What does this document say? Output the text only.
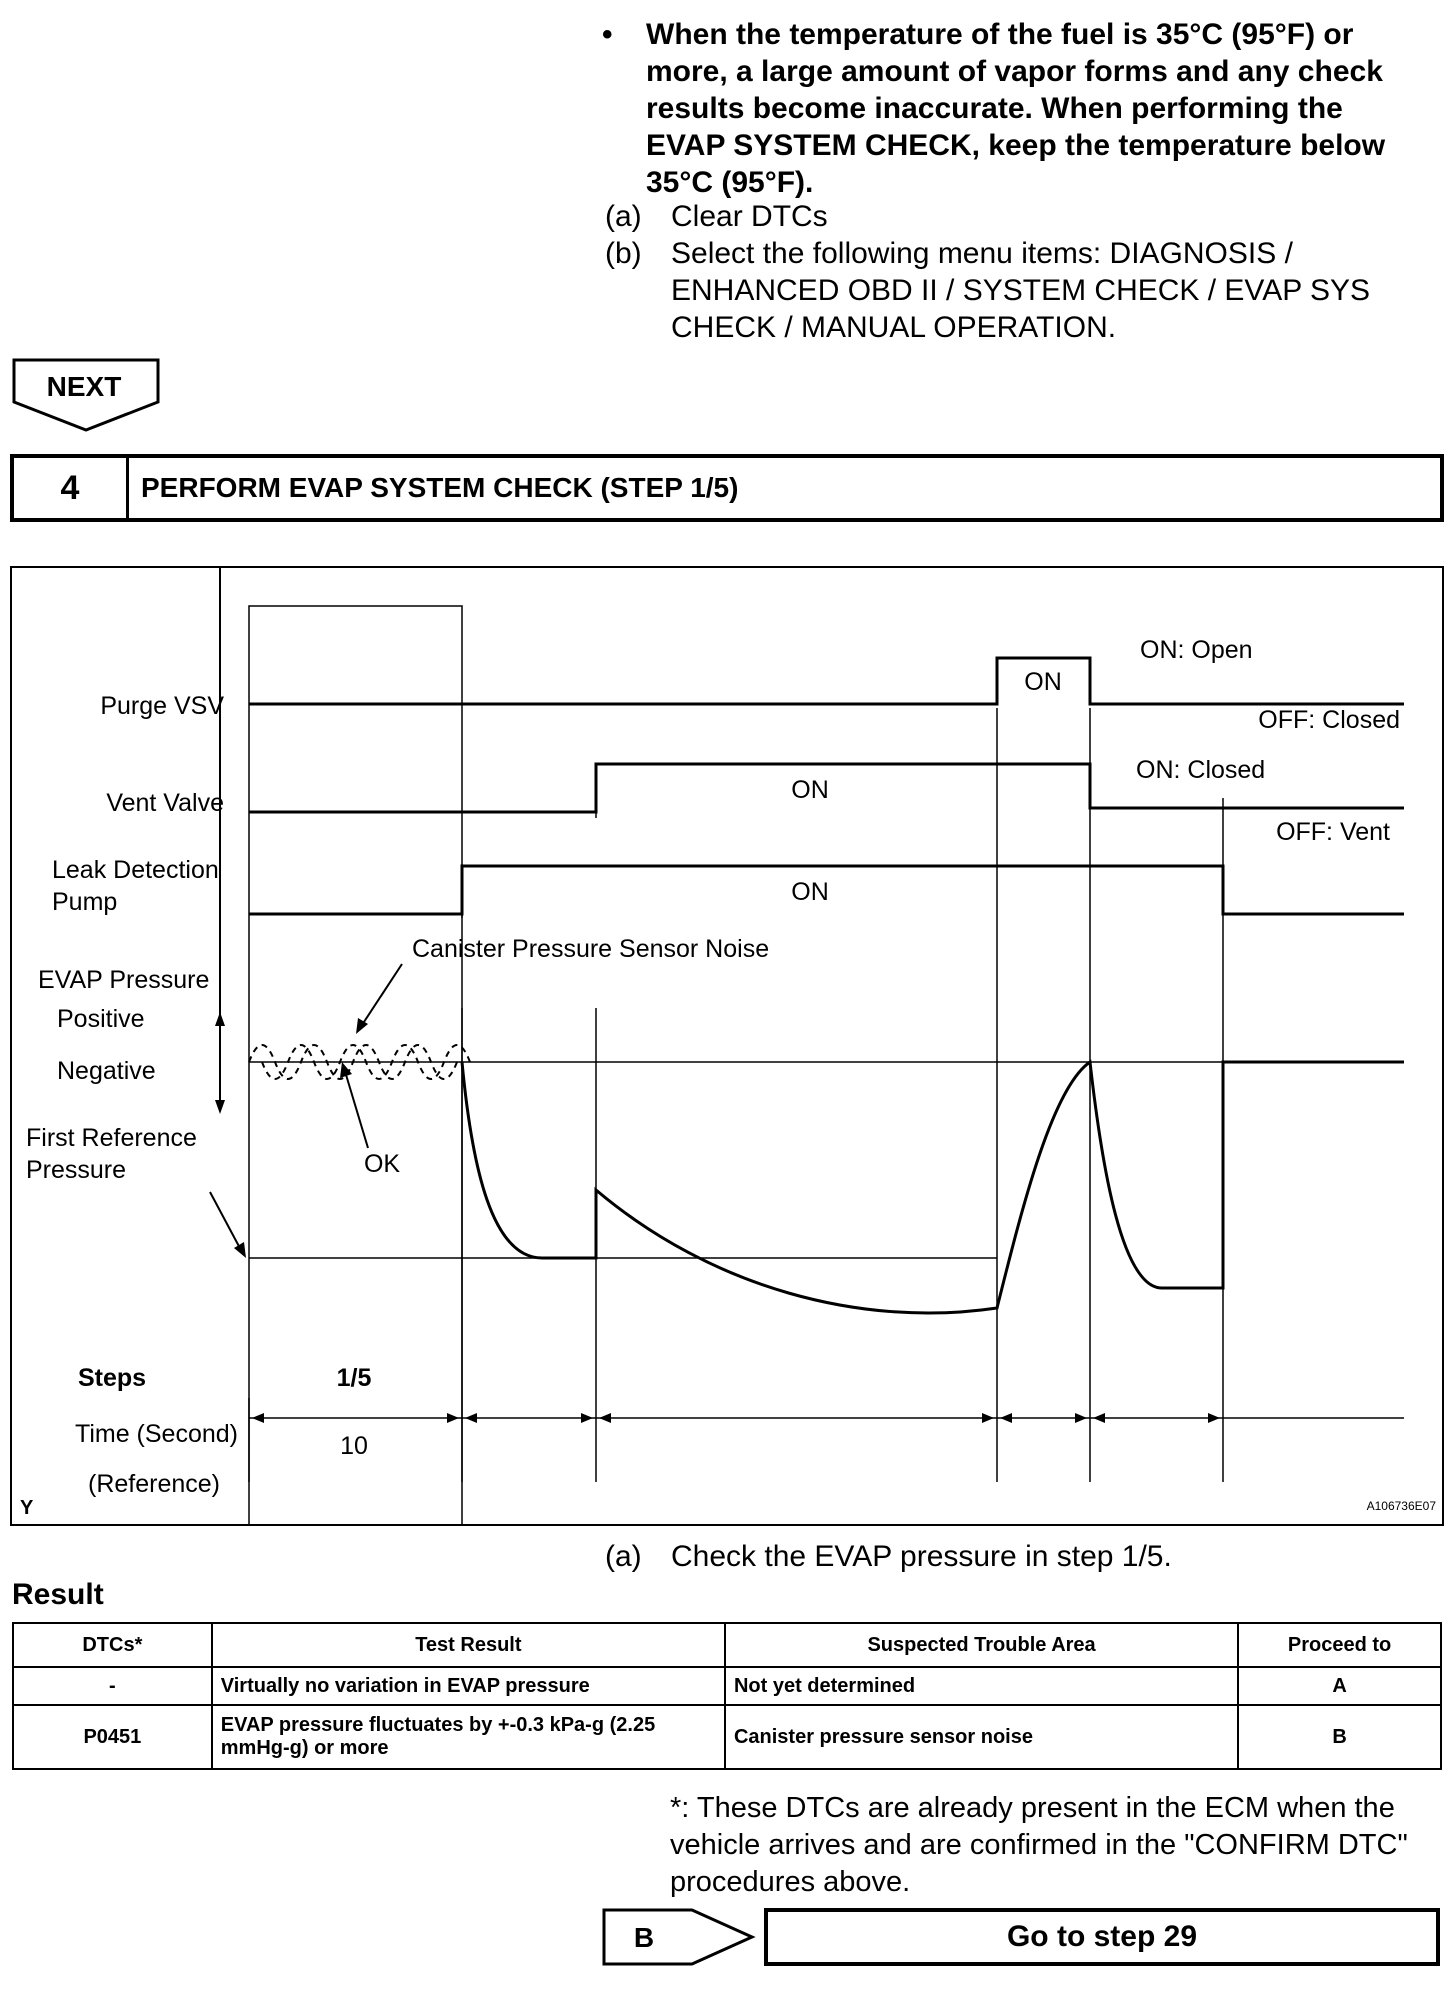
• When the temperature of the fuel is 35°C (95°F) or more, a large amount of vapor forms and any check results become inaccurate. When performing the EVAP SYSTEM CHECK, keep the temperature below 35°C (95°F).
(a) Clear DTCs
(b) Select the following menu items: DIAGNOSIS / ENHANCED OBD II / SYSTEM CHECK / EVAP SYS CHECK / MANUAL OPERATION.
NEXT
4	PERFORM EVAP SYSTEM CHECK (STEP 1/5)
Purge VSV
Vent Valve
Leak Detection
Pump
EVAP Pressure
Positive
Negative
First Reference
Pressure
ON
ON
ON
ON: Open
OFF: Closed
ON: Closed
OFF: Vent
Canister Pressure Sensor Noise
OK
Steps	1/5
Time (Second)	10
(Reference)
Y	A106736E07
(a) Check the EVAP pressure in step 1/5.
Result
DTCs*	Test Result	Suspected Trouble Area	Proceed to
-	Virtually no variation in EVAP pressure	Not yet determined	A
P0451	EVAP pressure fluctuates by +-0.3 kPa-g (2.25 mmHg-g) or more	Canister pressure sensor noise	B
*: These DTCs are already present in the ECM when the vehicle arrives and are confirmed in the "CONFIRM DTC" procedures above.
B	Go to step 29
